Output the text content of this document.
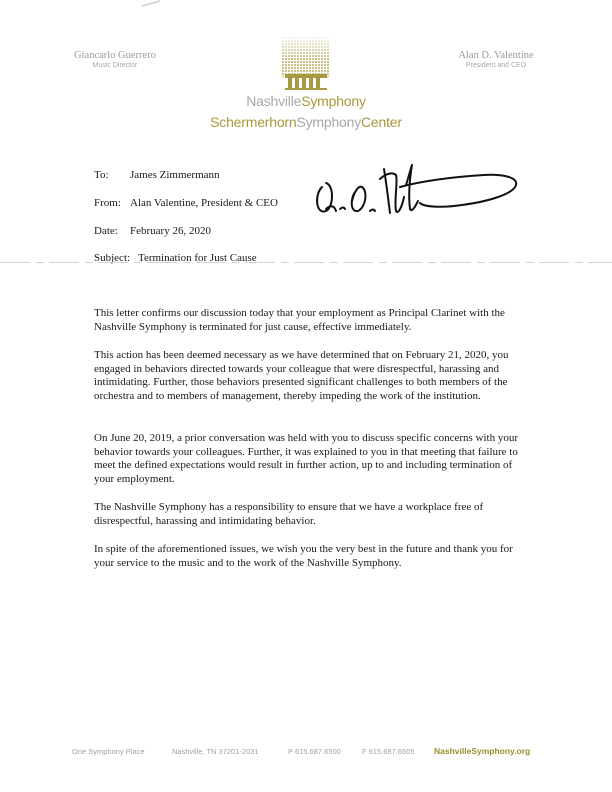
Giancarlo Guerrero
Music Director
NashvilleSymphony
SchermerhornSymphonyCenter
Alan D. Valentine
President and CEO
To: James Zimmermann
From: Alan Valentine, President & CEO
Date: February 26, 2020
Subject: Termination for Just Cause
This letter confirms our discussion today that your employment as Principal Clarinet with the Nashville Symphony is terminated for just cause, effective immediately.
This action has been deemed necessary as we have determined that on February 21, 2020, you engaged in behaviors directed towards your colleague that were disrespectful, harassing and intimidating. Further, those behaviors presented significant challenges to both members of the orchestra and to members of management, thereby impeding the work of the institution.
On June 20, 2019, a prior conversation was held with you to discuss specific concerns with your behavior towards your colleagues. Further, it was explained to you in that meeting that failure to meet the defined expectations would result in further action, up to and including termination of your employment.
The Nashville Symphony has a responsibility to ensure that we have a workplace free of disrespectful, harassing and intimidating behavior.
In spite of the aforementioned issues, we wish you the very best in the future and thank you for your service to the music and to the work of the Nashville Symphony.
One Symphony Place	Nashville, TN 37201-2031	P 615.687.6500	F 615.687.6505 NashvilleSymphony.org
